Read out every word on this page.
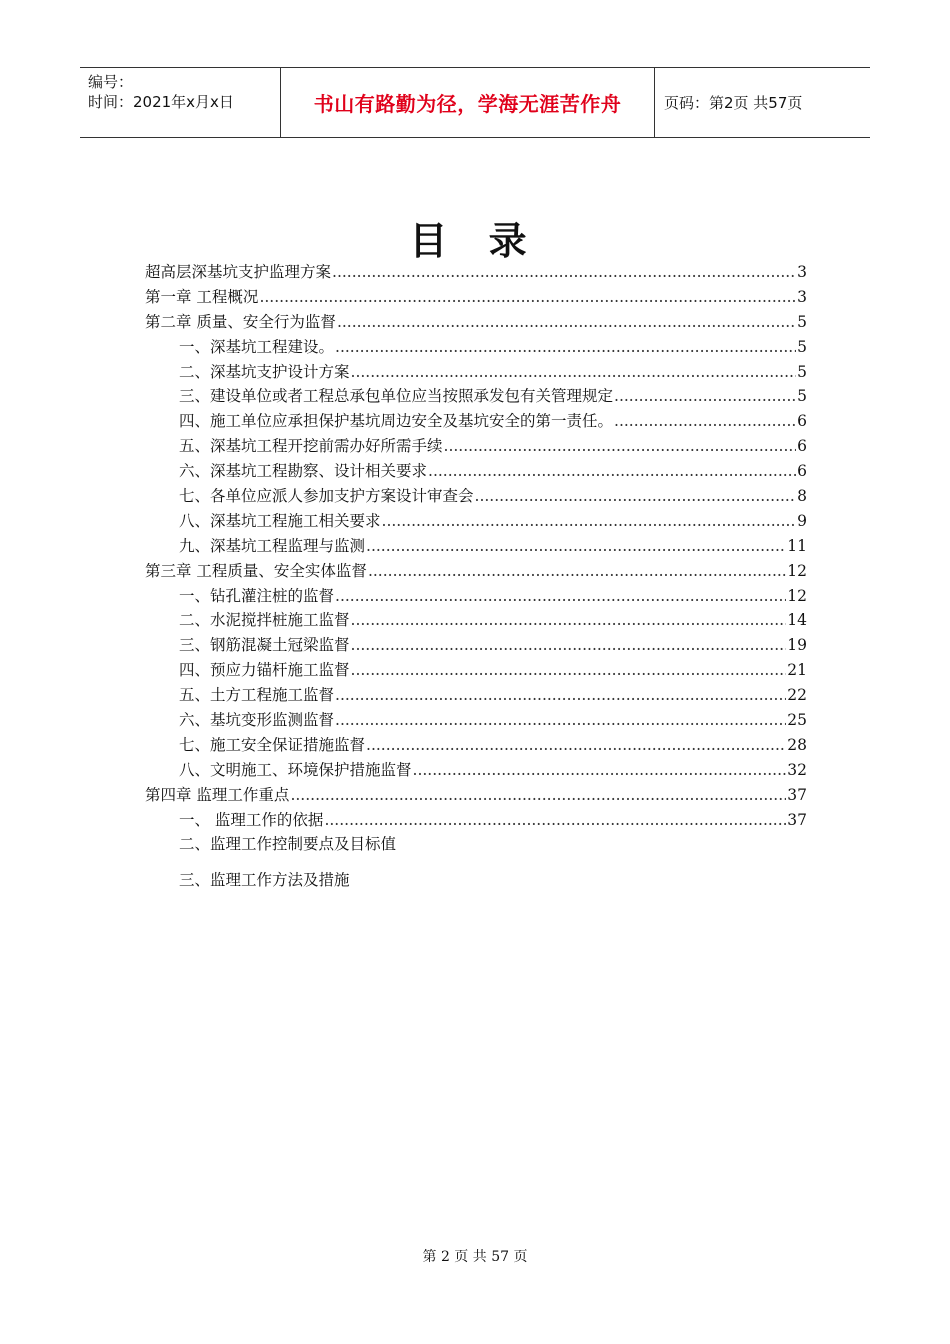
编号：
时间：2021年x月x日	书山有路勤为径，学海无涯苦作舟	页码：第2页 共57页
目 录
超高层深基坑支护监理方案 .....	3
第一章 工程概况 .....	3
第二章 质量、安全行为监督 .....	5
一、深基坑工程建设。 .....	5
二、深基坑支护设计方案 .....	5
三、建设单位或者工程总承包单位应当按照承发包有关管理规定 .....	5
四、施工单位应承担保护基坑周边安全及基坑安全的第一责任。 .....	6
五、深基坑工程开挖前需办好所需手续 .....	6
六、深基坑工程勘察、设计相关要求 .....	6
七、各单位应派人参加支护方案设计审查会 .....	8
八、深基坑工程施工相关要求 .....	9
九、深基坑工程监理与监测 .....	11
第三章 工程质量、安全实体监督 .....	12
一、钻孔灌注桩的监督 .....	12
二、水泥搅拌桩施工监督 .....	14
三、钢筋混凝土冠梁监督 .....	19
四、预应力锚杆施工监督 .....	21
五、土方工程施工监督 .....	22
六、基坑变形监测监督 .....	25
七、施工安全保证措施监督 .....	28
八、文明施工、环境保护措施监督 .....	32
第四章 监理工作重点 .....	37
一、 监理工作的依据 .....	37
二、监理工作控制要点及目标值
三、监理工作方法及措施
第 2 页 共 57 页
